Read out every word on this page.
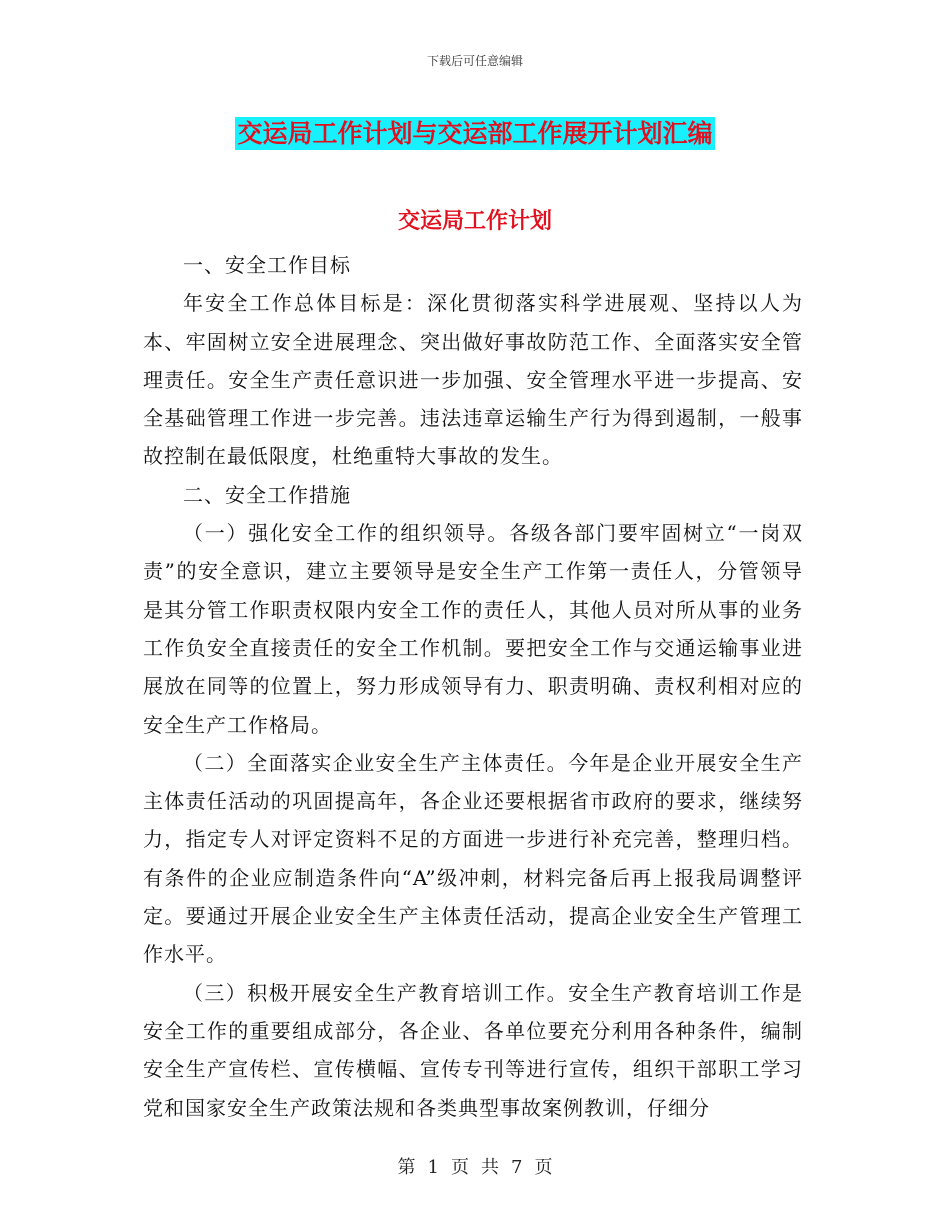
下载后可任意编辑
交运局工作计划与交运部工作展开计划汇编
交运局工作计划

一、安全工作目标

年安全工作总体目标是：深化贯彻落实科学进展观、坚持以人为本、牢固树立安全进展理念、突出做好事故防范工作、全面落实安全管理责任。安全生产责任意识进一步加强、安全管理水平进一步提高、安全基础管理工作进一步完善。违法违章运输生产行为得到遏制，一般事故控制在最低限度，杜绝重特大事故的发生。

二、安全工作措施

（一）强化安全工作的组织领导。各级各部门要牢固树立“一岗双责”的安全意识，建立主要领导是安全生产工作第一责任人，分管领导是其分管工作职责权限内安全工作的责任人，其他人员对所从事的业务工作负安全直接责任的安全工作机制。要把安全工作与交通运输事业进展放在同等的位置上，努力形成领导有力、职责明确、责权利相对应的安全生产工作格局。

（二）全面落实企业安全生产主体责任。今年是企业开展安全生产主体责任活动的巩固提高年，各企业还要根据省市政府的要求，继续努力，指定专人对评定资料不足的方面进一步进行补充完善，整理归档。有条件的企业应制造条件向“A”级冲刺，材料完备后再上报我局调整评定。要通过开展企业安全生产主体责任活动，提高企业安全生产管理工作水平。

（三）积极开展安全生产教育培训工作。安全生产教育培训工作是安全工作的重要组成部分，各企业、各单位要充分利用各种条件，编制安全生产宣传栏、宣传横幅、宣传专刊等进行宣传，组织干部职工学习党和国家安全生产政策法规和各类典型事故案例教训，仔细分

第 1 页 共 7 页
